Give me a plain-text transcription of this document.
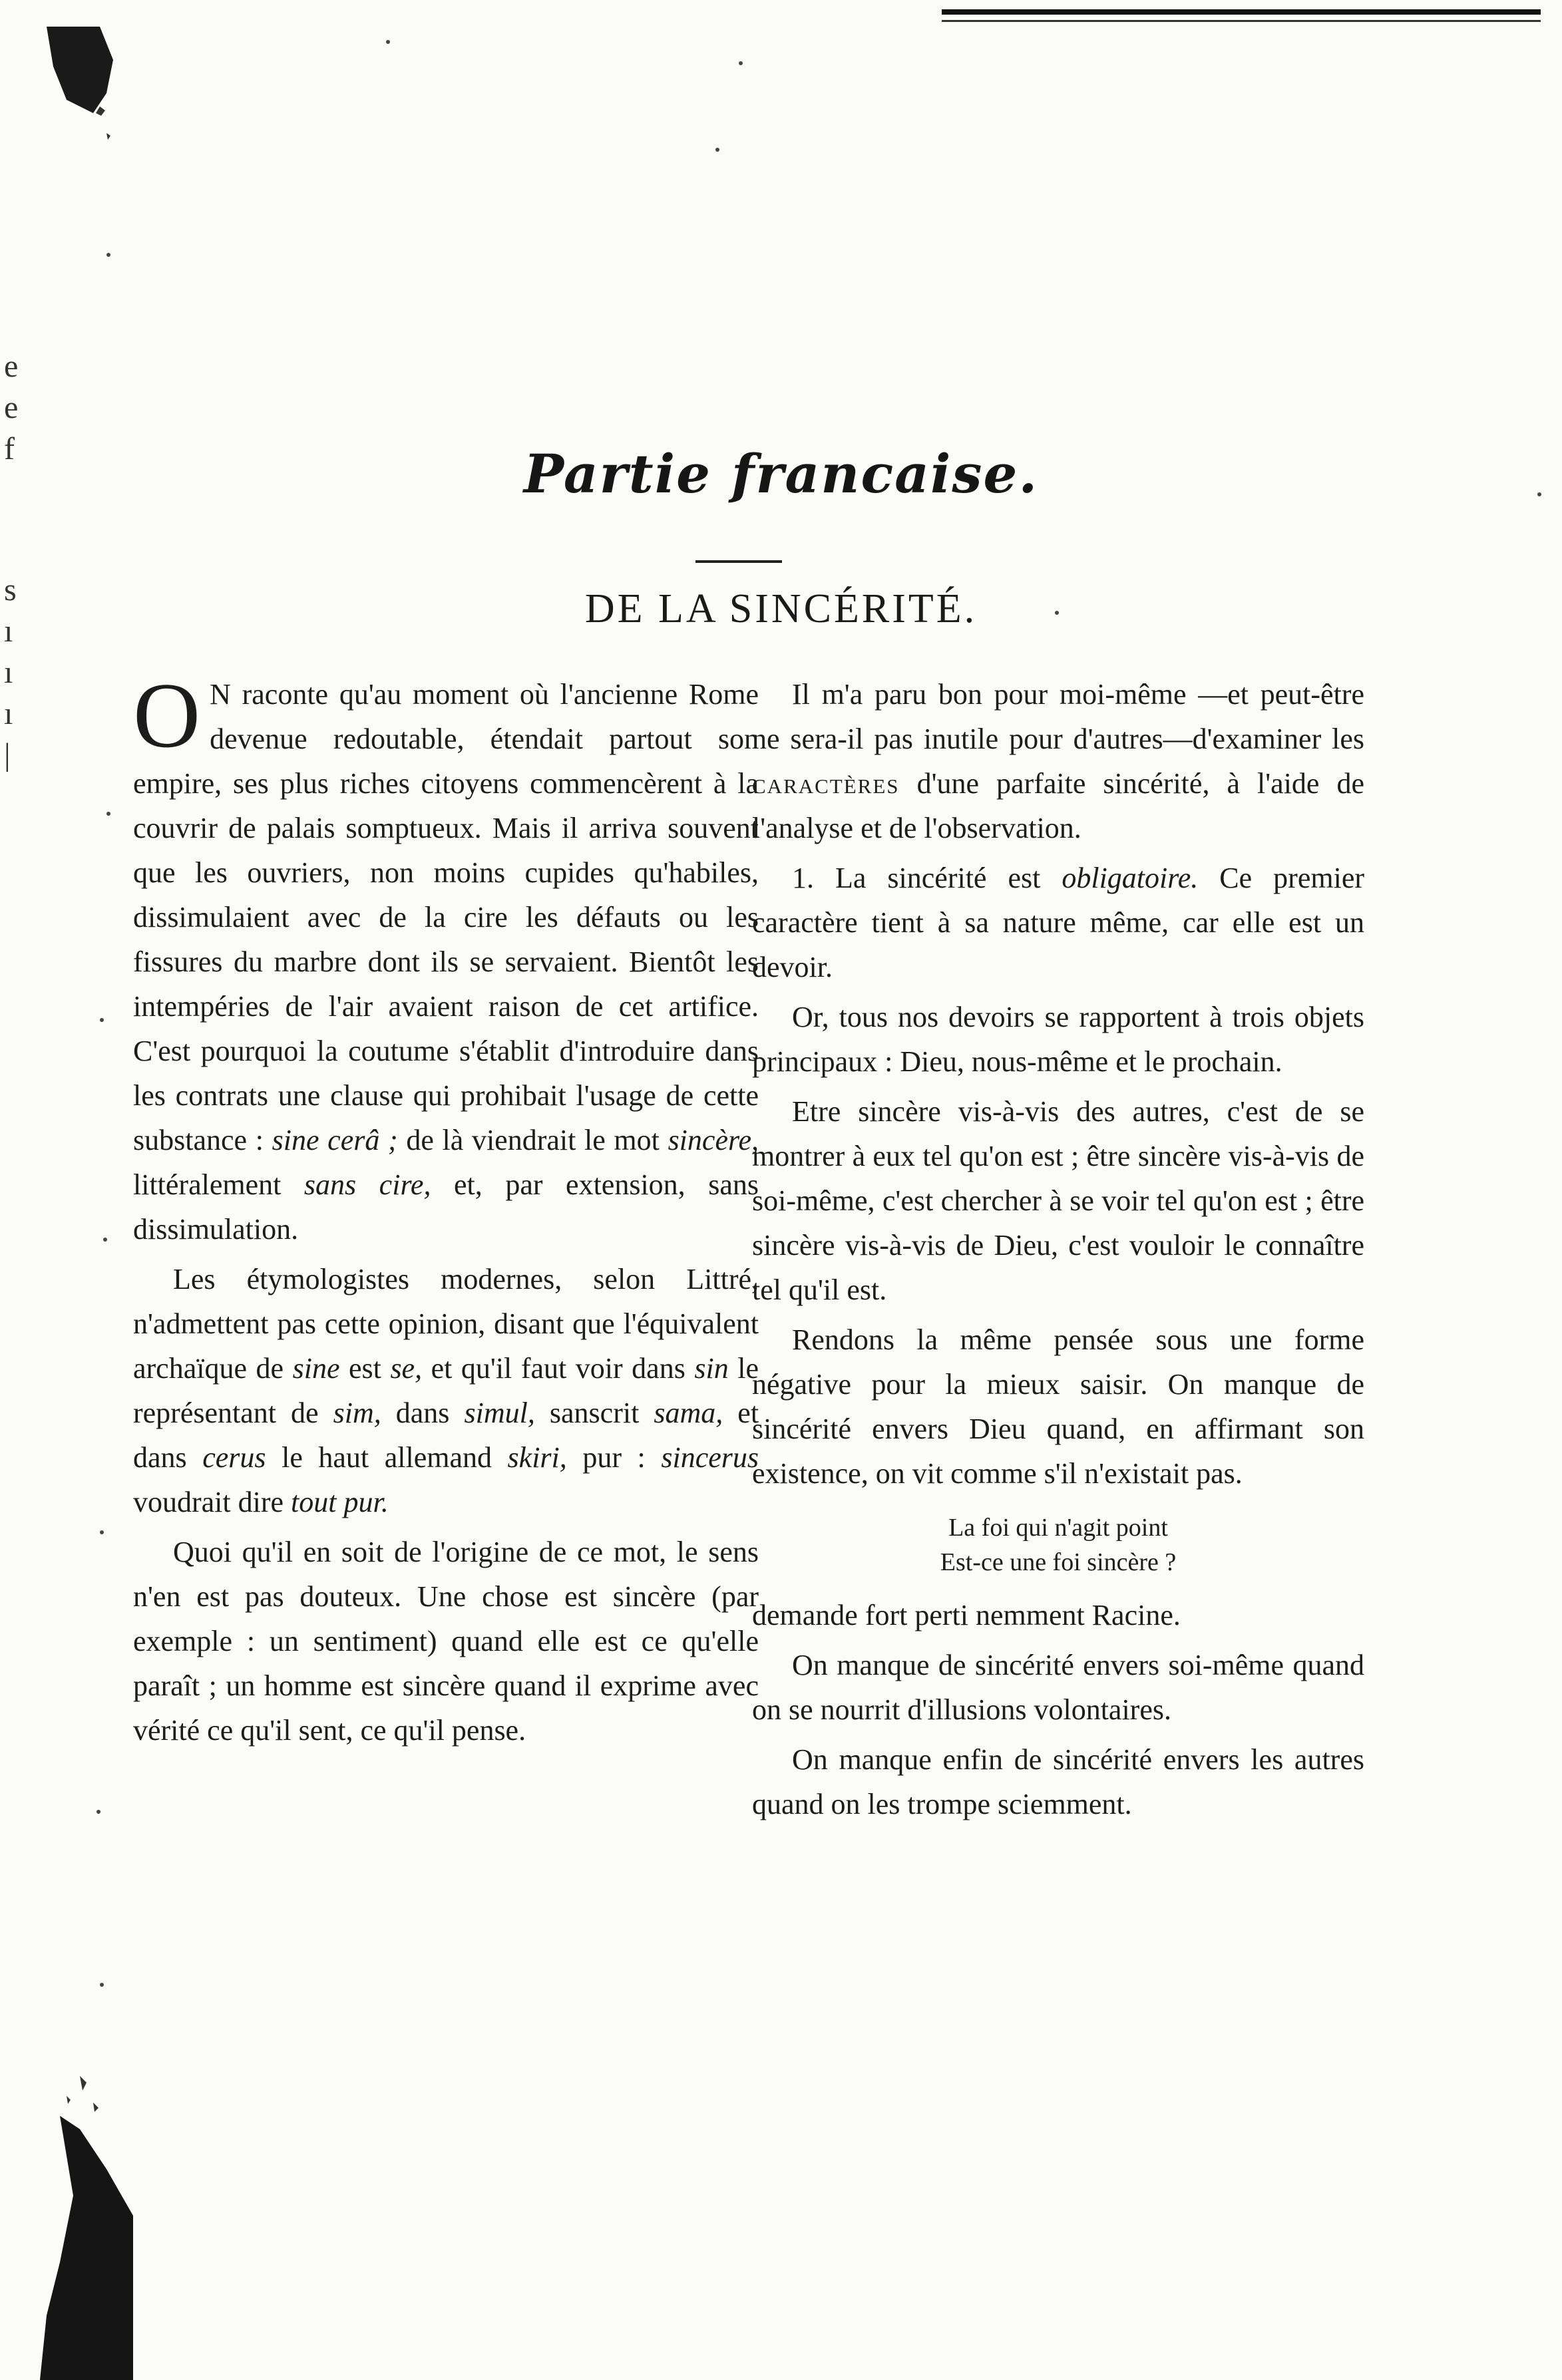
e
e
f
s
ı
ı
ı
|
Partie francaise.
DE LA SINCÉRITÉ.

O N raconte qu'au moment où l'ancienne Rome devenue redoutable, étendait partout son empire, ses plus riches citoyens commencèrent à la couvrir de palais somptueux. Mais il arriva souvent que les ouvriers, non moins cupides qu'habiles, dissimulaient avec de la cire les défauts ou les fissures du marbre dont ils se servaient. Bientôt les intempéries de l'air avaient raison de cet artifice. C'est pourquoi la coutume s'établit d'introduire dans les contrats une clause qui prohibait l'usage de cette substance : sine cerâ ; de là viendrait le mot sincère, littéralement sans cire, et, par extension, sans dissimulation.

Les étymologistes modernes, selon Littré, n'admettent pas cette opinion, disant que l'équivalent archaïque de sine est se, et qu'il faut voir dans sin le représentant de sim, dans simul, sanscrit sama, et dans cerus le haut allemand skiri, pur : sincerus voudrait dire tout pur.

Quoi qu'il en soit de l'origine de ce mot, le sens n'en est pas douteux. Une chose est sincère (par exemple : un sentiment) quand elle est ce qu'elle paraît ; un homme est sincère quand il exprime avec vérité ce qu'il sent, ce qu'il pense.

Il m'a paru bon pour moi-même —et peut-être ne sera-il pas inutile pour d'autres—d'examiner les caractères d'une parfaite sincérité, à l'aide de l'analyse et de l'observation.

1. La sincérité est obligatoire. Ce premier caractère tient à sa nature même, car elle est un devoir.

Or, tous nos devoirs se rapportent à trois objets principaux : Dieu, nous-même et le prochain.

Etre sincère vis-à-vis des autres, c'est de se montrer à eux tel qu'on est ; être sincère vis-à-vis de soi-même, c'est chercher à se voir tel qu'on est ; être sincère vis-à-vis de Dieu, c'est vouloir le connaître tel qu'il est.

Rendons la même pensée sous une forme négative pour la mieux saisir. On manque de sincérité envers Dieu quand, en affirmant son existence, on vit comme s'il n'existait pas.

La foi qui n'agit point
Est-ce une foi sincère ?

demande fort perti nemment Racine.

On manque de sincérité envers soi-même quand on se nourrit d'illusions volontaires.

On manque enfin de sincérité envers les autres quand on les trompe sciemment.
